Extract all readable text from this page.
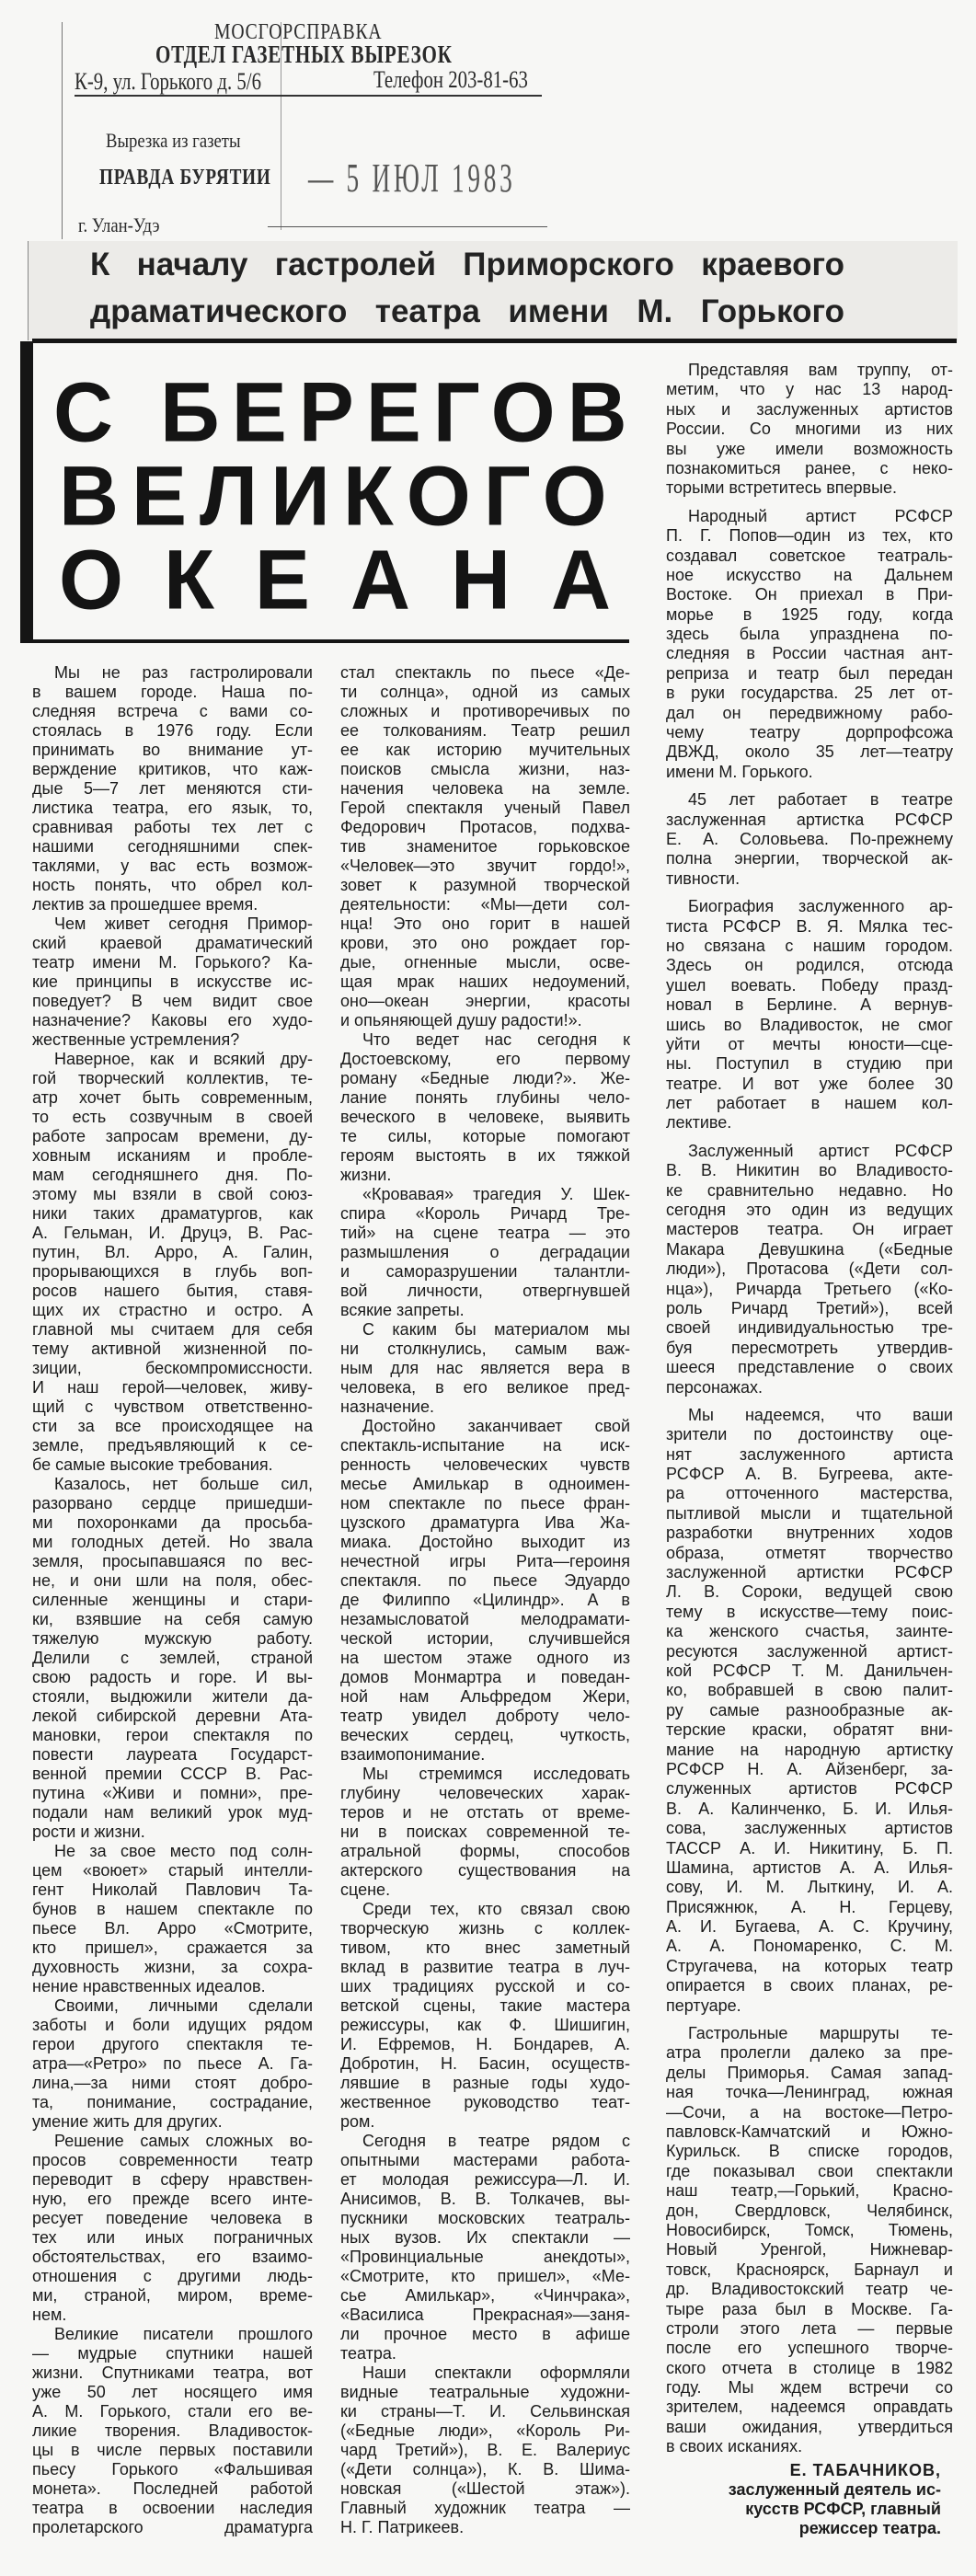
МОСГОРСПРАВКА
ОТДЕЛ ГАЗЕТНЫХ ВЫРЕЗОК
К-9, ул. Горького д. 5/6	Телефон 203-81-63
Вырезка из газеты
ПРАВДА БУРЯТИИ — 5 ИЮЛ 1983
г. Улан-Удэ
К началу гастролей Приморского краевого
драматического театра имени М. Горького
С БЕРЕГОВ
ВЕЛИКОГО
ОКЕАНА
Мы не раз гастролировали
в вашем городе. Наша по-
следняя встреча с вами со-
стоялась в 1976 году. Если
принимать во внимание ут-
верждение критиков, что каж-
дые 5—7 лет меняются сти-
листика театра, его язык, то,
сравнивая работы тех лет с
нашими сегодняшними спек-
таклями, у вас есть возмож-
ность понять, что обрел кол-
лектив за прошедшее время.
Чем живет сегодня Примор-
ский краевой драматический
театр имени М. Горького? Ка-
кие принципы в искусстве ис-
поведует? В чем видит свое
назначение? Каковы его худо-
жественные устремления?
Наверное, как и всякий дру-
гой творческий коллектив, те-
атр хочет быть современным,
то есть созвучным в своей
работе запросам времени, ду-
ховным исканиям и пробле-
мам сегодняшнего дня. По-
этому мы взяли в свой союз-
ники таких драматургов, как
А. Гельман, И. Друцэ, В. Рас-
путин, Вл. Арро, А. Галин,
прорывающихся в глубь воп-
росов нашего бытия, ставя-
щих их страстно и остро. А
главной мы считаем для себя
тему активной жизненной по-
зиции, бескомпромиссности.
И наш герой—человек, живу-
щий с чувством ответственно-
сти за все происходящее на
земле, предъявляющий к се-
бе самые высокие требования.
Казалось, нет больше сил,
разорвано сердце пришедши-
ми похоронками да просьба-
ми голодных детей. Но звала
земля, просыпавшаяся по вес-
не, и они шли на поля, обес-
силенные женщины и стари-
ки, взявшие на себя самую
тяжелую мужскую работу.
Делили с землей, страной
свою радость и горе. И вы-
стояли, выдюжили жители да-
лекой сибирской деревни Ата-
мановки, герои спектакля по
повести лауреата Государст-
венной премии СССР В. Рас-
путина «Живи и помни», пре-
подали нам великий урок муд-
рости и жизни.
Не за свое место под солн-
цем «воюет» старый интелли-
гент Николай Павлович Та-
бунов в нашем спектакле по
пьесе Вл. Арро «Смотрите,
кто пришел», сражается за
духовность жизни, за сохра-
нение нравственных идеалов.
Своими, личными сделали
заботы и боли идущих рядом
герои другого спектакля те-
атра—«Ретро» по пьесе А. Га-
лина,—за ними стоят добро-
та, понимание, сострадание,
умение жить для других.
Решение самых сложных во-
просов современности театр
переводит в сферу нравствен-
ную, его прежде всего инте-
ресует поведение человека в
тех или иных пограничных
обстоятельствах, его взаимо-
отношения с другими людь-
ми, страной, миром, време-
нем.
Великие писатели прошлого
— мудрые спутники нашей
жизни. Спутниками театра, вот
уже 50 лет носящего имя
А. М. Горького, стали его ве-
ликие творения. Владивосток-
цы в числе первых поставили
пьесу Горького «Фальшивая
монета». Последней работой
театра в освоении наследия
пролетарского драматурга
стал спектакль по пьесе «Де-
ти солнца», одной из самых
сложных и противоречивых по
ее толкованиям. Театр решил
ее как историю мучительных
поисков смысла жизни, наз-
начения человека на земле.
Герой спектакля ученый Павел
Федорович Протасов, подхва-
тив знаменитое горьковское
«Человек—это звучит гордо!»,
зовет к разумной творческой
деятельности: «Мы—дети сол-
нца! Это оно горит в нашей
крови, это оно рождает гор-
дые, огненные мысли, осве-
щая мрак наших недоумений,
оно—океан энергии, красоты
и опьяняющей душу радости!».
Что ведет нас сегодня к
Достоевскому, его первому
роману «Бедные люди?». Же-
лание понять глубины чело-
веческого в человеке, выявить
те силы, которые помогают
героям выстоять в их тяжкой
жизни.
«Кровавая» трагедия У. Шек-
спира «Король Ричард Тре-
тий» на сцене театра — это
размышления о деградации
и саморазрушении талантли-
вой личности, отвергнувшей
всякие запреты.
С каким бы материалом мы
ни столкнулись, самым важ-
ным для нас является вера в
человека, в его великое пред-
назначение.
Достойно заканчивает свой
спектакль-испытание на иск-
ренность человеческих чувств
месье Амилькар в одноимен-
ном спектакле по пьесе фран-
цузского драматурга Ива Жа-
миака. Достойно выходит из
нечестной игры Рита—героиня
спектакля. по пьесе Эдуардо
де Филиппо «Цилиндр». А в
незамысловатой мелодрамати-
ческой истории, случившейся
на шестом этаже одного из
домов Монмартра и поведан-
ной нам Альфредом Жери,
театр увидел доброту чело-
веческих сердец, чуткость,
взаимопонимание.
Мы стремимся исследовать
глубину человеческих харак-
теров и не отстать от време-
ни в поисках современной те-
атральной формы, способов
актерского существования на
сцене.
Среди тех, кто связал свою
творческую жизнь с коллек-
тивом, кто внес заметный
вклад в развитие театра в луч-
ших традициях русской и со-
ветской сцены, такие мастера
режиссуры, как Ф. Шишигин,
И. Ефремов, Н. Бондарев, А.
Добротин, Н. Басин, осуществ-
лявшие в разные годы худо-
жественное руководство теат-
ром.
Сегодня в театре рядом с
опытными мастерами работа-
ет молодая режиссура—Л. И.
Анисимов, В. В. Толкачев, вы-
пускники московских театраль-
ных вузов. Их спектакли —
«Провинциальные анекдоты»,
«Смотрите, кто пришел», «Ме-
сье Амилькар», «Чинчрака»,
«Василиса Прекрасная»—заня-
ли прочное место в афише
театра.
Наши спектакли оформляли
видные театральные художни-
ки страны—Т. И. Сельвинская
(«Бедные люди», «Король Ри-
чард Третий»), В. Е. Валериус
(«Дети солнца»), К. В. Шима-
новская («Шестой этаж»).
Главный художник театра —
Н. Г. Патрикеев.
Представляя вам труппу, от-
метим, что у нас 13 народ-
ных и заслуженных артистов
России. Со многими из них
вы уже имели возможность
познакомиться ранее, с неко-
торыми встретитесь впервые.
Народный артист РСФСР
П. Г. Попов—один из тех, кто
создавал советское театраль-
ное искусство на Дальнем
Востоке. Он приехал в При-
морье в 1925 году, когда
здесь была упразднена по-
следняя в России частная ант-
реприза и театр был передан
в руки государства. 25 лет от-
дал он передвижному рабо-
чему театру дорпрофсожа
ДВЖД, около 35 лет—театру
имени М. Горького.
45 лет работает в театре
заслуженная артистка РСФСР
Е. А. Соловьева. По-прежнему
полна энергии, творческой ак-
тивности.
Биография заслуженного ар-
тиста РСФСР В. Я. Мялка тес-
но связана с нашим городом.
Здесь он родился, отсюда
ушел воевать. Победу празд-
новал в Берлине. А вернув-
шись во Владивосток, не смог
уйти от мечты юности—сце-
ны. Поступил в студию при
театре. И вот уже более 30
лет работает в нашем кол-
лективе.
Заслуженный артист РСФСР
В. В. Никитин во Владивосто-
ке сравнительно недавно. Но
сегодня это один из ведущих
мастеров театра. Он играет
Макара Девушкина («Бедные
люди»), Протасова («Дети сол-
нца»), Ричарда Третьего («Ко-
роль Ричард Третий»), всей
своей индивидуальностью тре-
буя пересмотреть утвердив-
шееся представление о своих
персонажах.
Мы надеемся, что ваши
зрители по достоинству оце-
нят заслуженного артиста
РСФСР А. В. Бугреева, акте-
ра отточенного мастерства,
пытливой мысли и тщательной
разработки внутренних ходов
образа, отметят творчество
заслуженной артистки РСФСР
Л. В. Сороки, ведущей свою
тему в искусстве—тему поис-
ка женского счастья, заинте-
ресуются заслуженной артист-
кой РСФСР Т. М. Данильчен-
ко, вобравшей в свою палит-
ру самые разнообразные ак-
терские краски, обратят вни-
мание на народную артистку
РСФСР Н. А. Айзенберг, за-
служенных артистов РСФСР
В. А. Калинченко, Б. И. Илья-
сова, заслуженных артистов
ТАССР А. И. Никитину, Б. П.
Шамина, артистов А. А. Илья-
сову, И. М. Лыткину, И. А.
Присяжнюк, А. Н. Герцеву,
А. И. Бугаева, А. С. Кручину,
А. А. Пономаренко, С. М.
Стругачева, на которых театр
опирается в своих планах, ре-
пертуаре.
Гастрольные маршруты те-
атра пролегли далеко за пре-
делы Приморья. Самая запад-
ная точка—Ленинград, южная
—Сочи, а на востоке—Петро-
павловск-Камчатский и Южно-
Курильск. В списке городов,
где показывал свои спектакли
наш театр,—Горький, Красно-
дон, Свердловск, Челябинск,
Новосибирск, Томск, Тюмень,
Новый Уренгой, Нижневар-
товск, Красноярск, Барнаул и
др. Владивостокский театр че-
тыре раза был в Москве. Га-
строли этого лета — первые
после его успешного творче-
ского отчета в столице в 1982
году. Мы ждем встречи со
зрителем, надеемся оправдать
ваши ожидания, утвердиться
в своих исканиях.
Е. ТАБАЧНИКОВ,
заслуженный деятель ис-
кусств РСФСР, главный
режиссер театра.
